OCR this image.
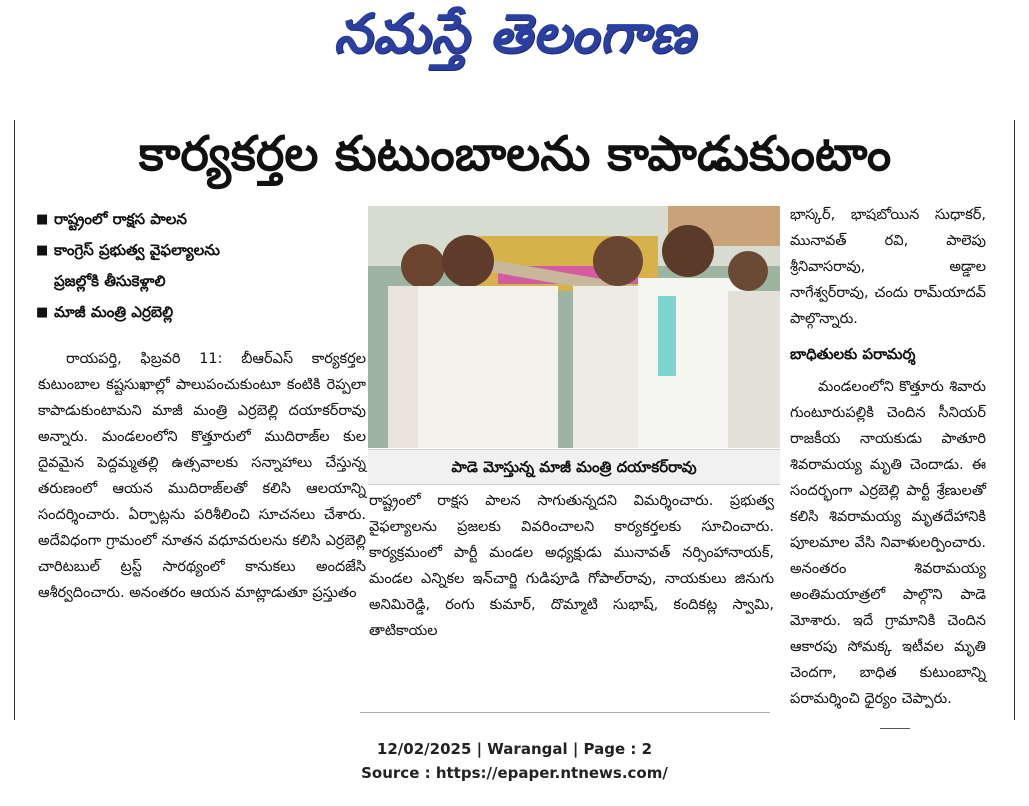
నమస్తే తెలంగాణ
కార్యకర్తల కుటుంబాలను కాపాడుకుంటాం
■ రాష్ట్రంలో రాక్షస పాలన
■ కాంగ్రెస్ ప్రభుత్వ వైఫల్యాలను
ప్రజల్లోకి తీసుకెళ్లాలి
■ మాజీ మంత్రి ఎర్రబెల్లి

రాయపర్తి, ఫిబ్రవరి 11: బీఆర్ఎస్ కార్యకర్తల కుటుంబాల కష్టసుఖాల్లో పాలుపంచుకుంటూ కంటికి రెప్పలా కాపాడుకుంటామని మాజీ మంత్రి ఎర్రబెల్లి దయాకర్‌రావు అన్నారు. మండలంలోని కొత్తూరులో ముదిరాజ్‌ల కుల దైవమైన పెద్దమ్మతల్లి ఉత్సవాలకు సన్నాహాలు చేస్తున్న తరుణంలో ఆయన ముదిరాజ్‌లతో కలిసి ఆలయాన్ని సందర్శించారు. ఏర్పాట్లను పరిశీలించి సూచనలు చేశారు. అదేవిధంగా గ్రామంలో నూతన వధూవరులను కలిసి ఎర్రబెల్లి చారిటబుల్ ట్రస్ట్ సారథ్యంలో కానుకలు అందజేసి ఆశీర్వదించారు. అనంతరం ఆయన మాట్లాడుతూ ప్రస్తుతం

పాడె మోస్తున్న మాజీ మంత్రి దయాకర్‌రావు

రాష్ట్రంలో రాక్షస పాలన సాగుతున్నదని విమర్శించారు. ప్రభుత్వ వైఫల్యాలను ప్రజలకు వివరించాలని కార్యకర్తలకు సూచించారు. కార్యక్రమంలో పార్టీ మండల అధ్యక్షుడు మునావత్ నర్సింహానాయక్, మండల ఎన్నికల ఇన్‌చార్జి గుడిపూడి గోపాల్‌రావు, నాయకులు జినుగు అనిమిరెడ్డి, రంగు కుమార్, దొమ్మాటి సుభాష్, కందికట్ల స్వామి, తాటికాయల

భాస్కర్, భాషబోయిన సుధాకర్, మునావత్ రవి, పాలెపు శ్రీనివాసరావు, అడ్డాల నాగేశ్వర్‌రావు, చందు రామ్‌యాదవ్ పాల్గొన్నారు.

బాధితులకు పరామర్శ

మండలంలోని కొత్తూరు శివారు గుంటూరుపల్లికి చెందిన సీనియర్ రాజకీయ నాయకుడు పాతూరి శివరామయ్య మృతి చెందాడు. ఈ సందర్భంగా ఎర్రబెల్లి పార్టీ శ్రేణులతో కలిసి శివరామయ్య మృతదేహానికి పూలమాల వేసి నివాళులర్పించారు. అనంతరం శివరామయ్య అంతిమయాత్రలో పాల్గొని పాడె మోశారు. ఇదే గ్రామానికి చెందిన ఆకారపు సోమక్క ఇటీవల మృతి చెందగా, బాధిత కుటుంబాన్ని పరామర్శించి ధైర్యం చెప్పారు.

12/02/2025 | Warangal | Page : 2
Source : https://epaper.ntnews.com/
